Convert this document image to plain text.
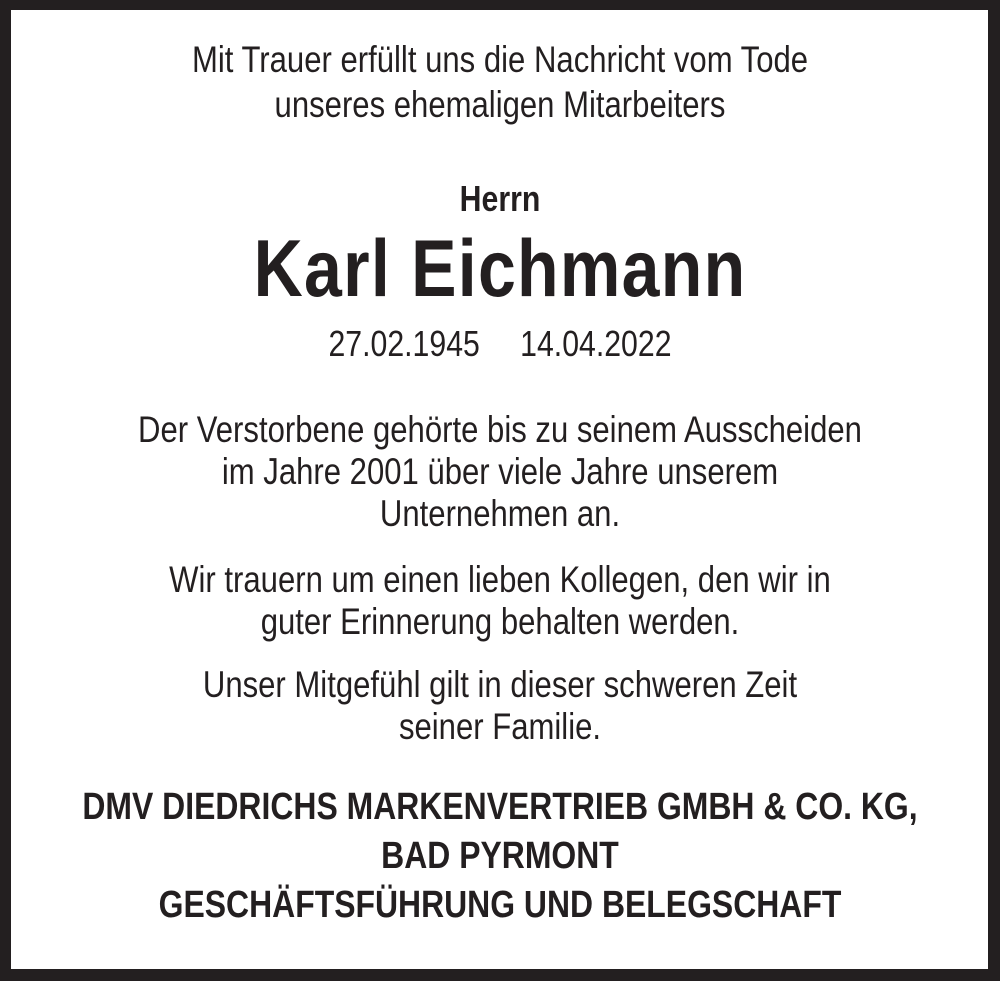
Mit Trauer erfüllt uns die Nachricht vom Tode
unseres ehemaligen Mitarbeiters
Herrn
Karl Eichmann
27.02.1945 14.04.2022
Der Verstorbene gehörte bis zu seinem Ausscheiden
im Jahre 2001 über viele Jahre unserem
Unternehmen an.
Wir trauern um einen lieben Kollegen, den wir in
guter Erinnerung behalten werden.
Unser Mitgefühl gilt in dieser schweren Zeit
seiner Familie.
DMV DIEDRICHS MARKENVERTRIEB GMBH & CO. KG,
BAD PYRMONT
GESCHÄFTSFÜHRUNG UND BELEGSCHAFT
